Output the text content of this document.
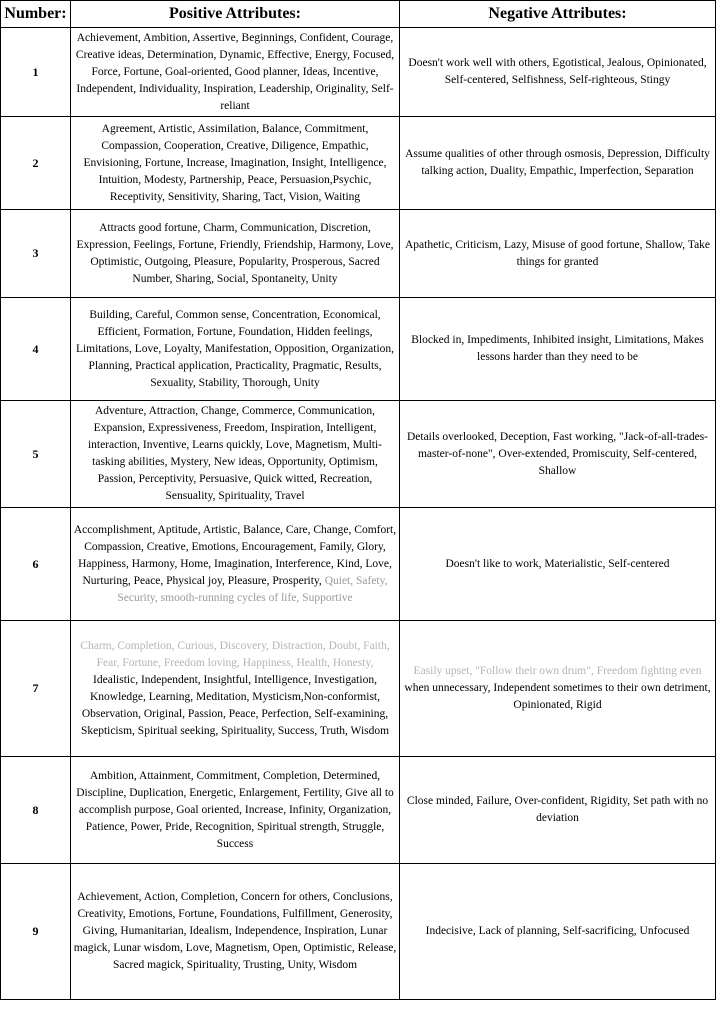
Number:	Positive Attributes:	Negative Attributes:
1	Achievement, Ambition, Assertive, Beginnings, Confident, Courage, Creative ideas, Determination, Dynamic, Effective, Energy, Focused, Force, Fortune, Goal-oriented, Good planner, Ideas, Incentive, Independent, Individuality, Inspiration, Leadership, Originality, Self-reliant	Doesn't work well with others, Egotistical, Jealous, Opinionated, Self-centered, Selfishness, Self-righteous, Stingy
2	Agreement, Artistic, Assimilation, Balance, Commitment, Compassion, Cooperation, Creative, Diligence, Empathic, Envisioning, Fortune, Increase, Imagination, Insight, Intelligence, Intuition, Modesty, Partnership, Peace, Persuasion,Psychic, Receptivity, Sensitivity, Sharing, Tact, Vision, Waiting	Assume qualities of other through osmosis, Depression, Difficulty talking action, Duality, Empathic, Imperfection, Separation
3	Attracts good fortune, Charm, Communication, Discretion, Expression, Feelings, Fortune, Friendly, Friendship, Harmony, Love, Optimistic, Outgoing, Pleasure, Popularity, Prosperous, Sacred Number, Sharing, Social, Spontaneity, Unity	Apathetic, Criticism, Lazy, Misuse of good fortune, Shallow, Take things for granted
4	Building, Careful, Common sense, Concentration, Economical, Efficient, Formation, Fortune, Foundation, Hidden feelings, Limitations, Love, Loyalty, Manifestation, Opposition, Organization, Planning, Practical application, Practicality, Pragmatic, Results, Sexuality, Stability, Thorough, Unity	Blocked in, Impediments, Inhibited insight, Limitations, Makes lessons harder than they need to be
5	Adventure, Attraction, Change, Commerce, Communication, Expansion, Expressiveness, Freedom, Inspiration, Intelligent, interaction, Inventive, Learns quickly, Love, Magnetism, Multi-tasking abilities, Mystery, New ideas, Opportunity, Optimism, Passion, Perceptivity, Persuasive, Quick witted, Recreation, Sensuality, Spirituality, Travel	Details overlooked, Deception, Fast working, "Jack-of-all-trades-master-of-none", Over-extended, Promiscuity, Self-centered, Shallow
6	Accomplishment, Aptitude, Artistic, Balance, Care, Change, Comfort, Compassion, Creative, Emotions, Encouragement, Family, Glory, Happiness, Harmony, Home, Imagination, Interference, Kind, Love, Nurturing, Peace, Physical joy, Pleasure, Prosperity, Quiet, Safety, Security, smooth-running cycles of life, Supportive	Doesn't like to work, Materialistic, Self-centered
7	Charm, Completion, Curious, Discovery, Distraction, Doubt, Faith, Fear, Fortune, Freedom loving, Happiness, Health, Honesty, Idealistic, Independent, Insightful, Intelligence, Investigation, Knowledge, Learning, Meditation, Mysticism,Non-conformist, Observation, Original, Passion, Peace, Perfection, Self-examining, Skepticism, Spiritual seeking, Spirituality, Success, Truth, Wisdom	Easily upset, "Follow their own drum", Freedom fighting even when unnecessary, Independent sometimes to their own detriment, Opinionated, Rigid
8	Ambition, Attainment, Commitment, Completion, Determined, Discipline, Duplication, Energetic, Enlargement, Fertility, Give all to accomplish purpose, Goal oriented, Increase, Infinity, Organization, Patience, Power, Pride, Recognition, Spiritual strength, Struggle, Success	Close minded, Failure, Over-confident, Rigidity, Set path with no deviation
9	Achievement, Action, Completion, Concern for others, Conclusions, Creativity, Emotions, Fortune, Foundations, Fulfillment, Generosity, Giving, Humanitarian, Idealism, Independence, Inspiration, Lunar magick, Lunar wisdom, Love, Magnetism, Open, Optimistic, Release, Sacred magick, Spirituality, Trusting, Unity, Wisdom	Indecisive, Lack of planning, Self-sacrificing, Unfocused
